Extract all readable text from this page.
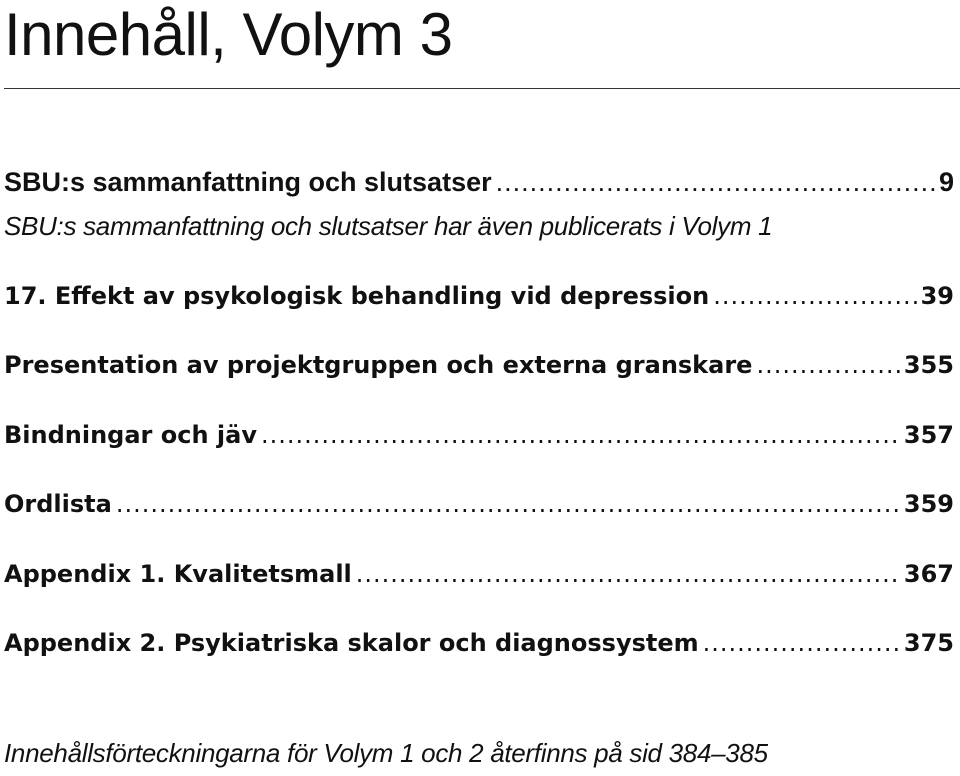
Innehåll, Volym 3
SBU:s sammanfattning och slutsatser .....	9
SBU:s sammanfattning och slutsatser har även publicerats i Volym 1
17. Effekt av psykologisk behandling vid depression .....	39
Presentation av projektgruppen och externa granskare .....	355
Bindningar och jäv .....	357
Ordlista .....	359
Appendix 1. Kvalitetsmall .....	367
Appendix 2. Psykiatriska skalor och diagnossystem .....	375
Innehållsförteckningarna för Volym 1 och 2 återfinns på sid 384–385
